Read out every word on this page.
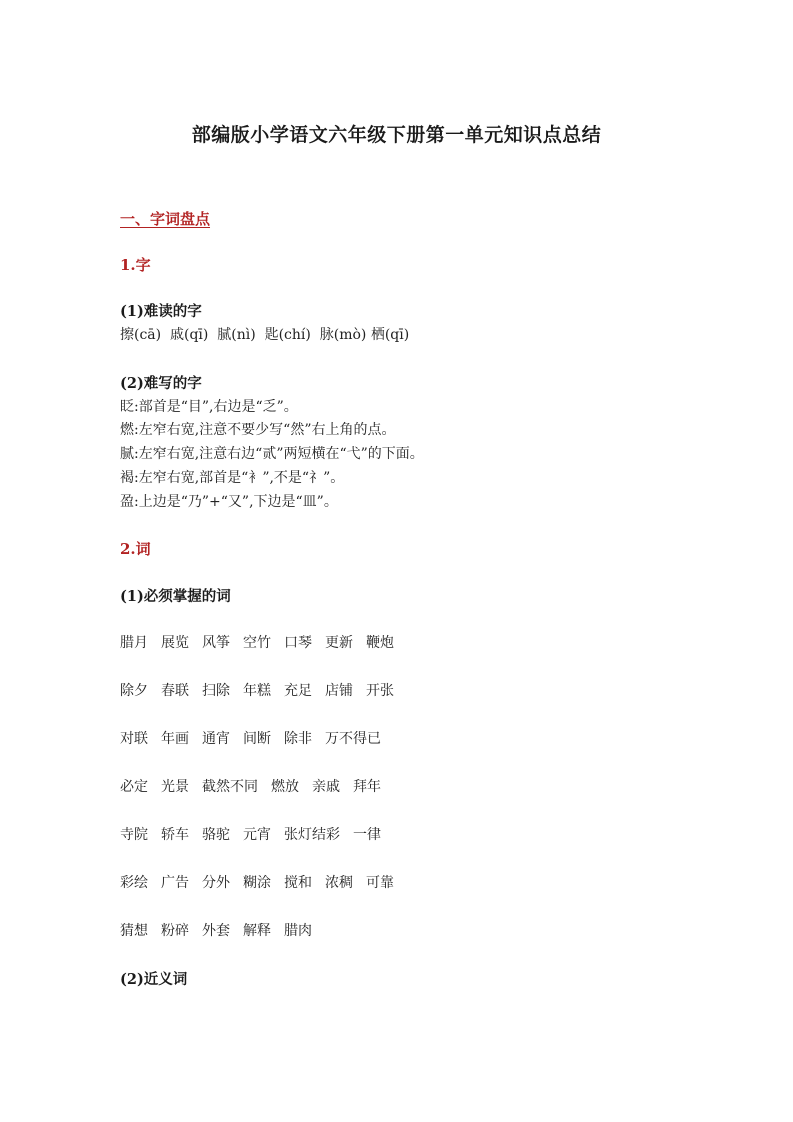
部编版小学语文六年级下册第一单元知识点总结
一、字词盘点
1.字
(1)难读的字
擦(cā)  戚(qī)  腻(nì)  匙(chí)  脉(mò) 栖(qī)
(2)难写的字
眨:部首是“目”,右边是“乏”。
燃:左窄右宽,注意不要少写“然”右上角的点。
腻:左窄右宽,注意右边“贰”两短横在“弋”的下面。
褐:左窄右宽,部首是“衤”,不是“礻”。
盈:上边是“乃”+“又”,下边是“皿”。
2.词
(1)必须掌握的词
腊月 展览 风筝 空竹 口琴 更新 鞭炮
除夕 春联 扫除 年糕 充足 店铺 开张
对联 年画 通宵 间断 除非 万不得已
必定 光景 截然不同 燃放 亲戚 拜年
寺院 轿车 骆驼 元宵 张灯结彩 一律
彩绘 广告 分外 糊涂 搅和 浓稠 可靠
猜想 粉碎 外套 解释 腊肉
(2)近义词
